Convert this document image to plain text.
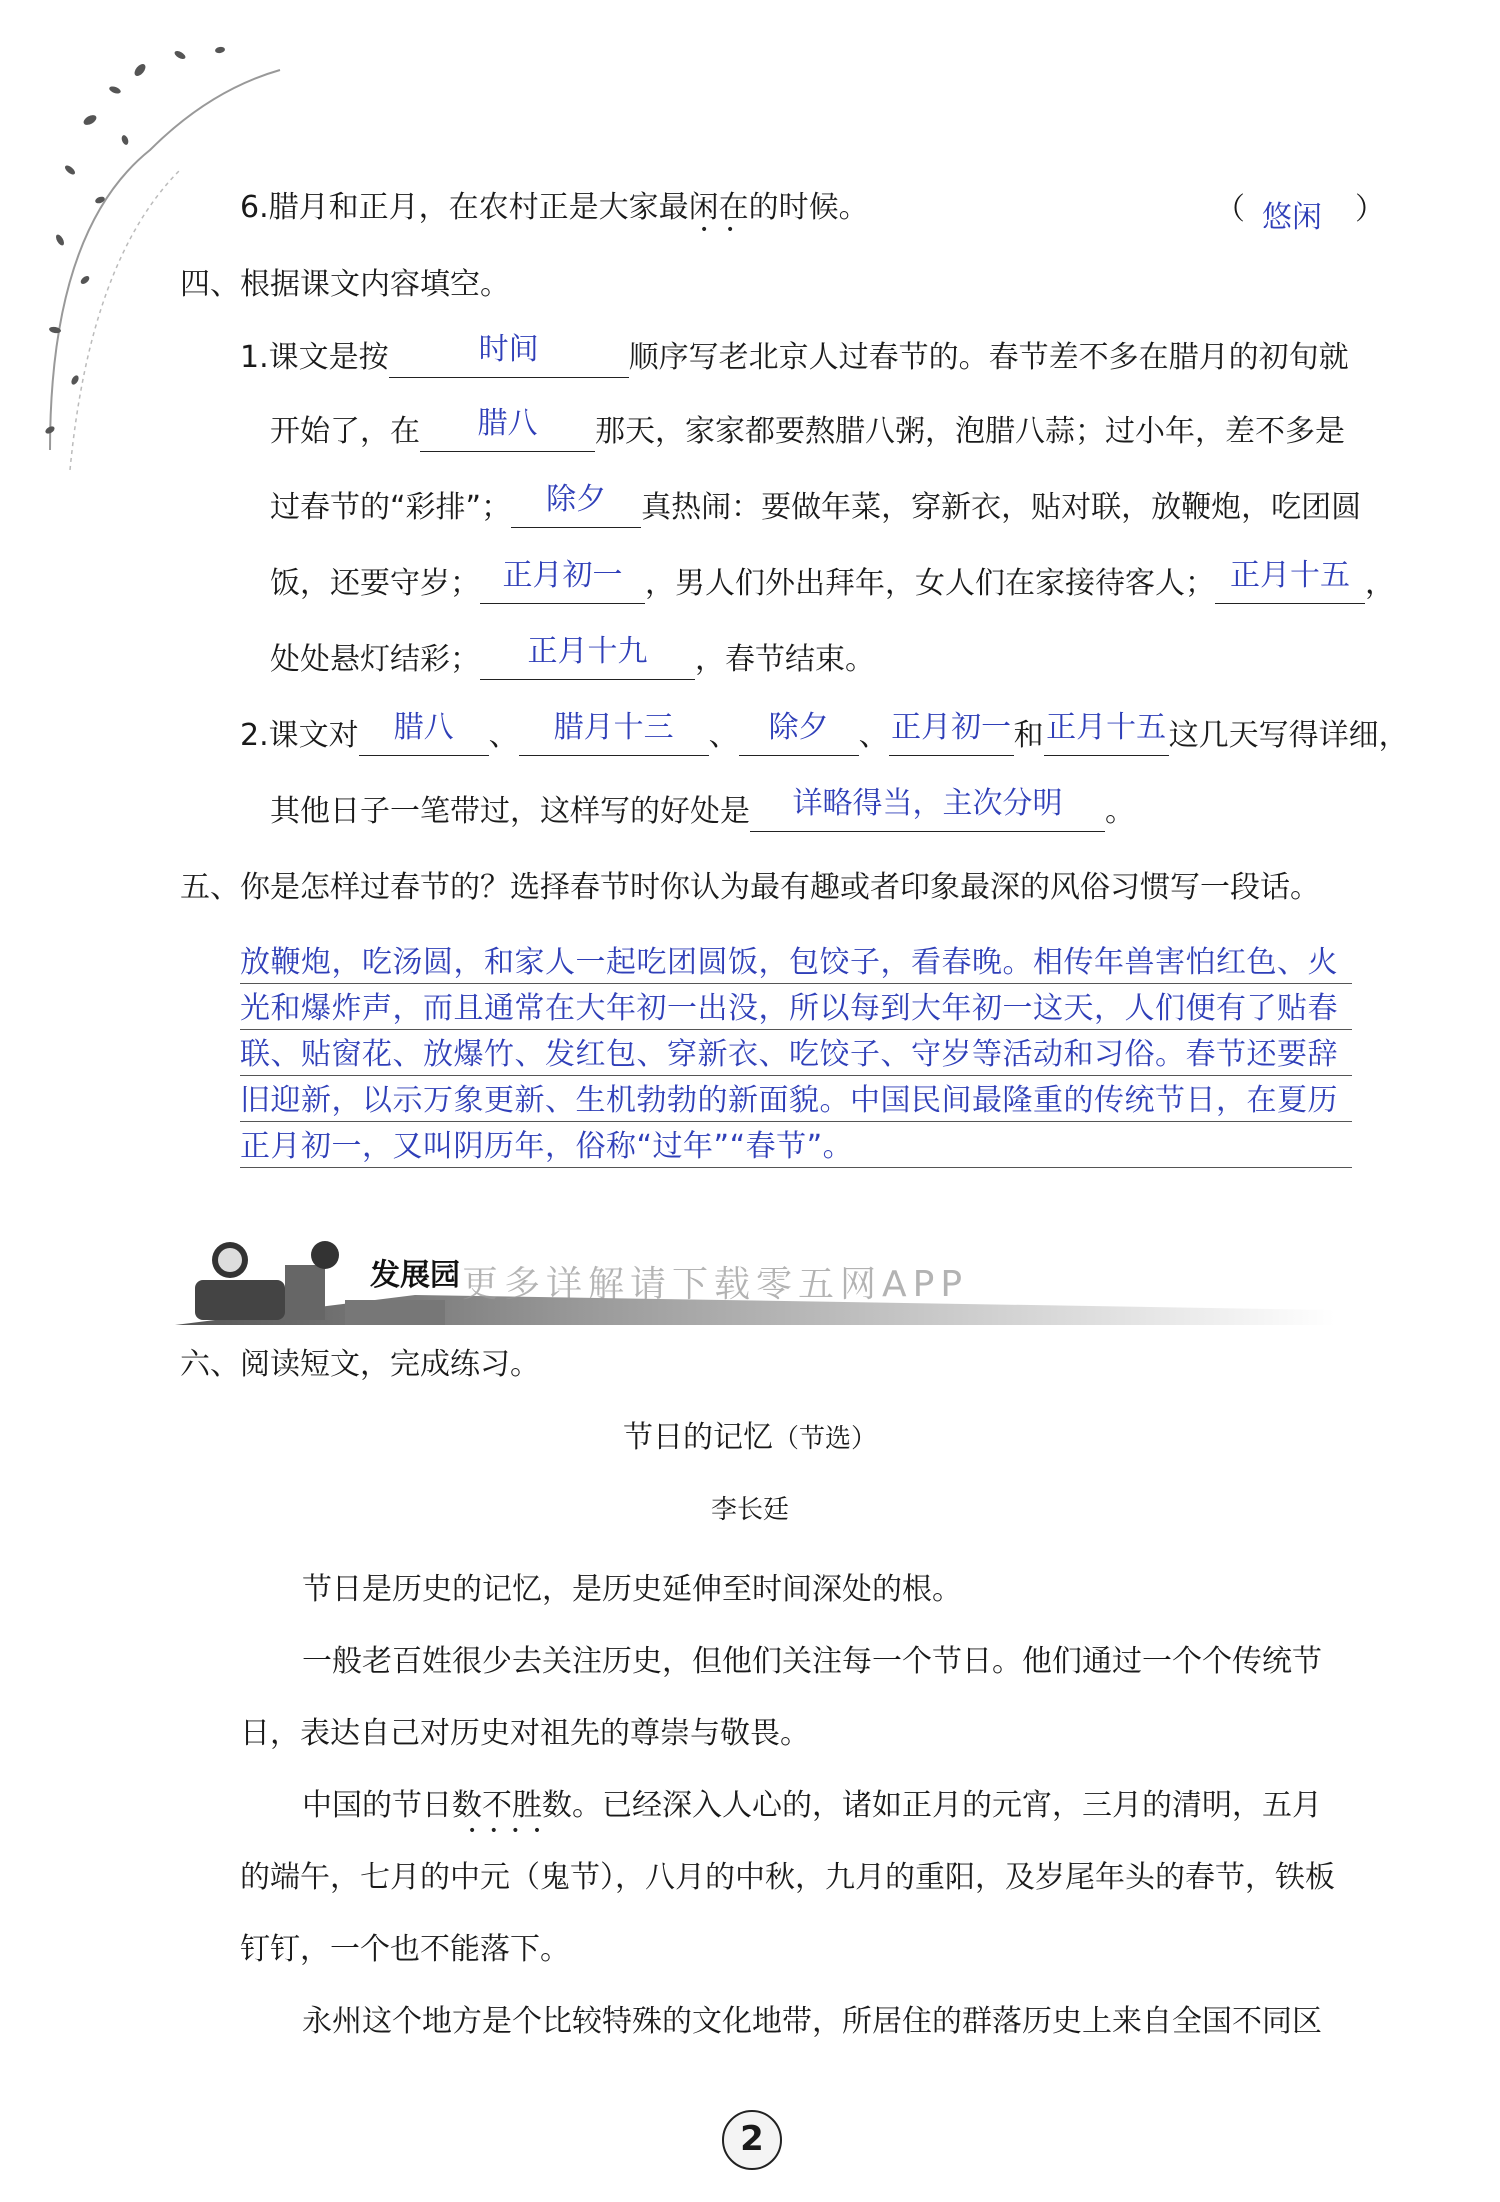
6.腊月和正月，在农村正是大家最闲在的时候。	（ 悠闲 ）
•    •
四、根据课文内容填空。
1.课文是按	时间	顺序写老北京人过春节的。春节差不多在腊月的初旬就
开始了，在 腊八 那天，家家都要熬腊八粥，泡腊八蒜；过小年，差不多是
过春节的“彩排”； 除夕 真热闹：要做年菜，穿新衣，贴对联，放鞭炮，吃团圆
饭，还要守岁； 正月初一 ，男人们外出拜年，女人们在家接待客人； 正月十五 ，
处处悬灯结彩； 正月十九 ，春节结束。
2.课文对 腊八 、 腊月十三 、 除夕 、正月初一和正月十五这几天写得详细，
其他日子一笔带过，这样写的好处是 详略得当，主次分明 。
五、你是怎样过春节的？选择春节时你认为最有趣或者印象最深的风俗习惯写一段话。
放鞭炮，吃汤圆，和家人一起吃团圆饭，包饺子，看春晚。相传年兽害怕红色、火
光和爆炸声，而且通常在大年初一出没，所以每到大年初一这天，人们便有了贴春
联、贴窗花、放爆竹、发红包、穿新衣、吃饺子、守岁等活动和习俗。春节还要辞
旧迎新，以示万象更新、生机勃勃的新面貌。中国民间最隆重的传统节日，在夏历
正月初一，又叫阴历年，俗称“过年”“春节”。
发展园 更多详解请下载零五网APP
六、阅读短文，完成练习。
节日的记忆（节选）
李长廷
节日是历史的记忆，是历史延伸至时间深处的根。
一般老百姓很少去关注历史，但他们关注每一个节日。他们通过一个个传统节
日，表达自己对历史对祖先的尊崇与敬畏。
中国的节日数不胜数。已经深入人心的，诸如正月的元宵，三月的清明，五月
•   •   •   •
的端午，七月的中元（鬼节），八月的中秋，九月的重阳，及岁尾年头的春节，铁板
钉钉，一个也不能落下。
永州这个地方是个比较特殊的文化地带，所居住的群落历史上来自全国不同区
2
